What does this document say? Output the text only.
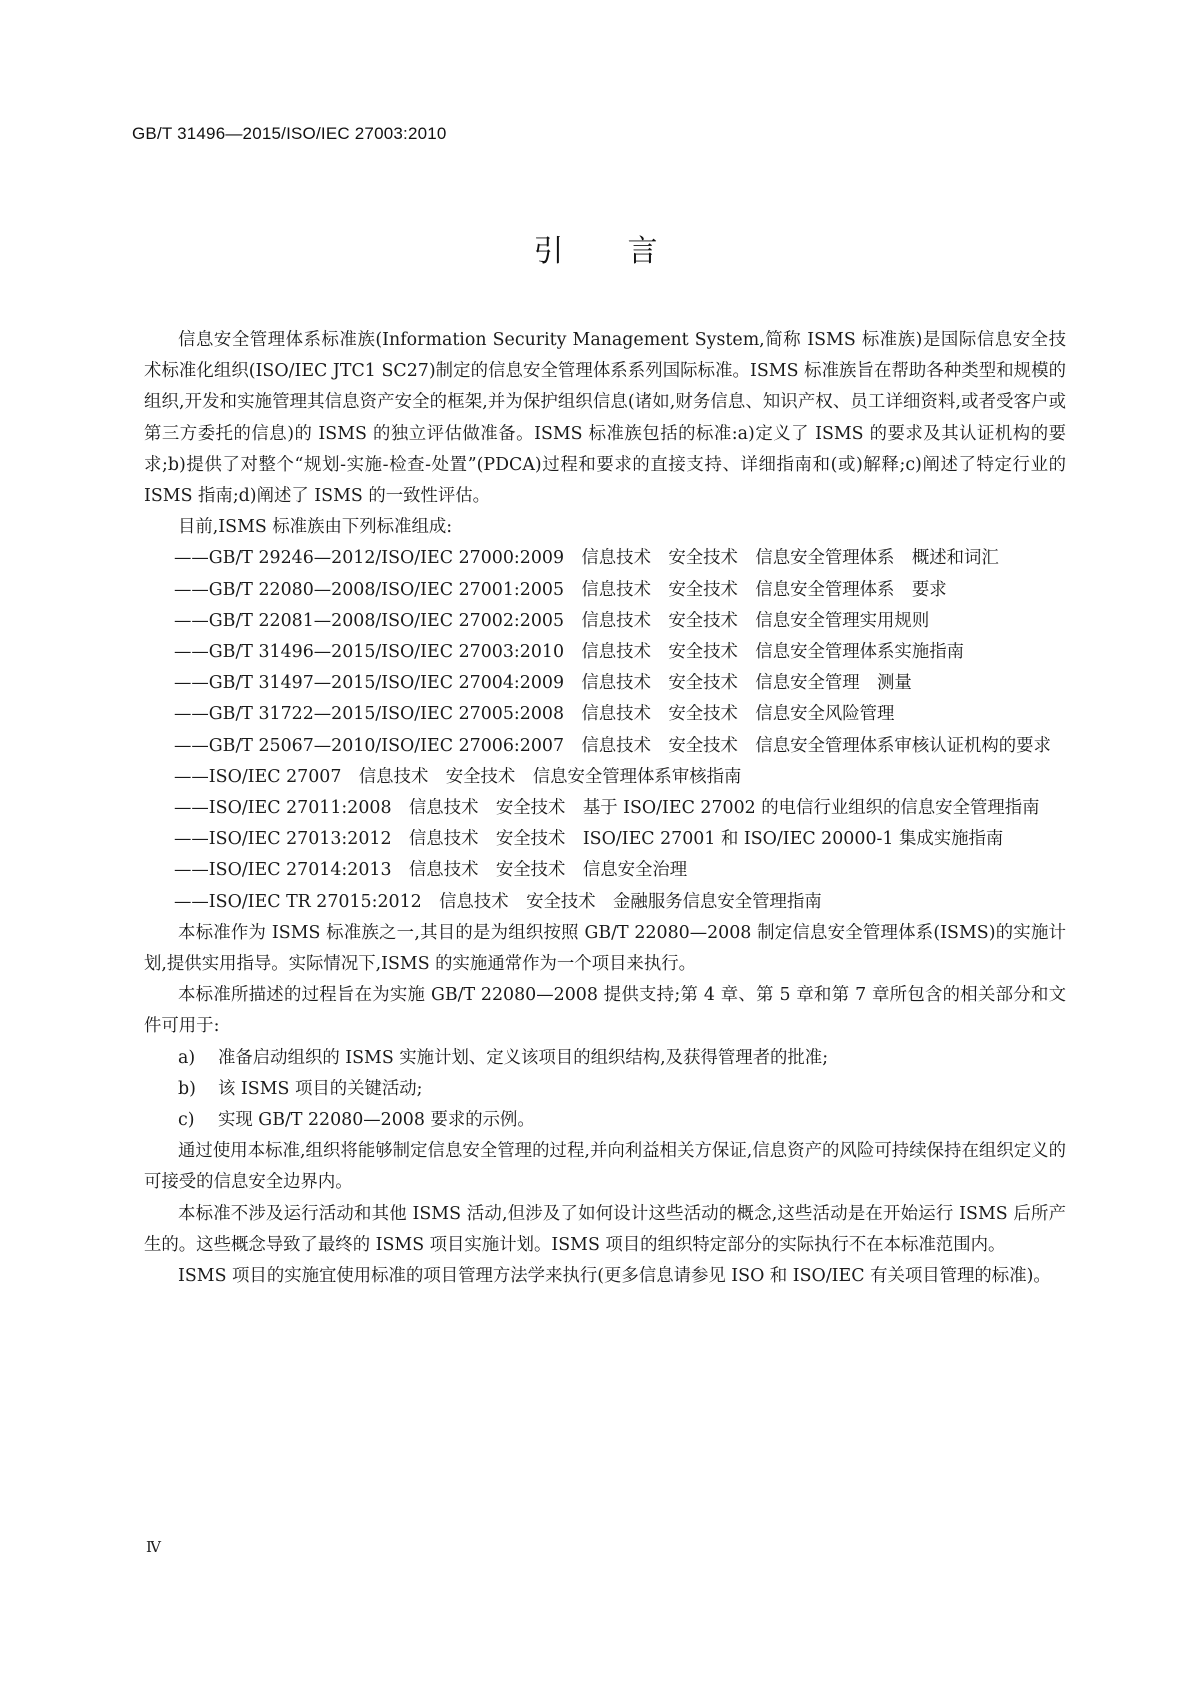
GB/T 31496—2015/ISO/IEC 27003:2010
引言

信息安全管理体系标准族(Information Security Management System,简称 ISMS 标准族)是国际信息安全技术标准化组织(ISO/IEC JTC1 SC27)制定的信息安全管理体系系列国际标准。ISMS 标准族旨在帮助各种类型和规模的组织,开发和实施管理其信息资产安全的框架,并为保护组织信息(诸如,财务信息、知识产权、员工详细资料,或者受客户或第三方委托的信息)的 ISMS 的独立评估做准备。ISMS 标准族包括的标准:a)定义了 ISMS 的要求及其认证机构的要求;b)提供了对整个“规划-实施-检查-处置”(PDCA)过程和要求的直接支持、详细指南和(或)解释;c)阐述了特定行业的 ISMS 指南;d)阐述了 ISMS 的一致性评估。

目前,ISMS 标准族由下列标准组成:

——GB/T 29246—2012/ISO/IEC 27000:2009　信息技术　安全技术　信息安全管理体系　概述和词汇
——GB/T 22080—2008/ISO/IEC 27001:2005　信息技术　安全技术　信息安全管理体系　要求
——GB/T 22081—2008/ISO/IEC 27002:2005　信息技术　安全技术　信息安全管理实用规则
——GB/T 31496—2015/ISO/IEC 27003:2010　信息技术　安全技术　信息安全管理体系实施指南
——GB/T 31497—2015/ISO/IEC 27004:2009　信息技术　安全技术　信息安全管理　测量
——GB/T 31722—2015/ISO/IEC 27005:2008　信息技术　安全技术　信息安全风险管理
——GB/T 25067—2010/ISO/IEC 27006:2007　信息技术　安全技术　信息安全管理体系审核认证机构的要求
——ISO/IEC 27007　信息技术　安全技术　信息安全管理体系审核指南
——ISO/IEC 27011:2008　信息技术　安全技术　基于 ISO/IEC 27002 的电信行业组织的信息安全管理指南
——ISO/IEC 27013:2012　信息技术　安全技术　ISO/IEC 27001 和 ISO/IEC 20000-1 集成实施指南
——ISO/IEC 27014:2013　信息技术　安全技术　信息安全治理
——ISO/IEC TR 27015:2012　信息技术　安全技术　金融服务信息安全管理指南

本标准作为 ISMS 标准族之一,其目的是为组织按照 GB/T 22080—2008 制定信息安全管理体系(ISMS)的实施计划,提供实用指导。实际情况下,ISMS 的实施通常作为一个项目来执行。

本标准所描述的过程旨在为实施 GB/T 22080—2008 提供支持;第 4 章、第 5 章和第 7 章所包含的相关部分和文件可用于:

a) 准备启动组织的 ISMS 实施计划、定义该项目的组织结构,及获得管理者的批准;
b) 该 ISMS 项目的关键活动;
c) 实现 GB/T 22080—2008 要求的示例。

通过使用本标准,组织将能够制定信息安全管理的过程,并向利益相关方保证,信息资产的风险可持续保持在组织定义的可接受的信息安全边界内。

本标准不涉及运行活动和其他 ISMS 活动,但涉及了如何设计这些活动的概念,这些活动是在开始运行 ISMS 后所产生的。这些概念导致了最终的 ISMS 项目实施计划。ISMS 项目的组织特定部分的实际执行不在本标准范围内。

ISMS 项目的实施宜使用标准的项目管理方法学来执行(更多信息请参见 ISO 和 ISO/IEC 有关项目管理的标准)。

Ⅳ
